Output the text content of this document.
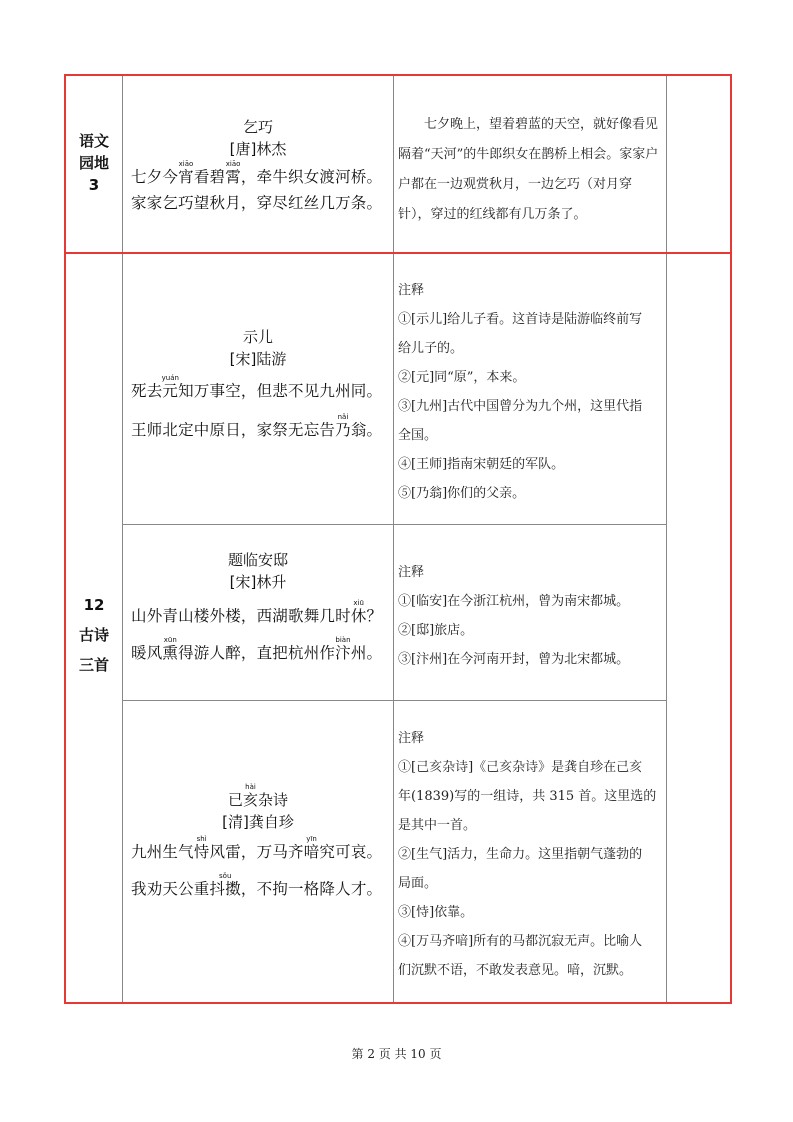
语文
园地
3
乞巧
[唐]林杰
七夕今宵xiāo看碧霄xiāo，牵牛织女渡河桥。
家家乞巧望秋月，穿尽红丝几万条。

七夕晚上，望着碧蓝的天空，就好像看见隔着“天河”的牛郎织女在鹊桥上相会。家家户户都在一边观赏秋月，一边乞巧（对月穿针），穿过的红线都有几万条了。

12
古诗
三首
示儿
[宋]陆游
死去元yuán知万事空，但悲不见九州同。
王师北定中原日，家祭无忘告乃nǎi翁。
注释
①[示儿]给儿子看。这首诗是陆游临终前写
给儿子的。
②[元]同“原”，本来。
③[九州]古代中国曾分为九个州，这里代指
全国。
④[王师]指南宋朝廷的军队。
⑤[乃翁]你们的父亲。
题临安邸
[宋]林升
山外青山楼外楼，西湖歌舞几时休xiū？
暖风熏xūn得游人醉，直把杭州作汴biàn州。
注释
①[临安]在今浙江杭州，曾为南宋都城。
②[邸]旅店。
③[汴州]在今河南开封，曾为北宋都城。
已亥hài杂诗
[清]龚自珍
九州生气恃shì风雷，万马齐喑yīn究可哀。
我劝天公重抖擞sǒu，不拘一格降人才。
注释
①[己亥杂诗]《己亥杂诗》是龚自珍在己亥
年(1839)写的一组诗，共 315 首。这里选的
是其中一首。
②[生气]活力，生命力。这里指朝气蓬勃的
局面。
③[恃]依靠。
④[万马齐喑]所有的马都沉寂无声。比喻人
们沉默不语，不敢发表意见。喑，沉默。
第 2 页 共 10 页
